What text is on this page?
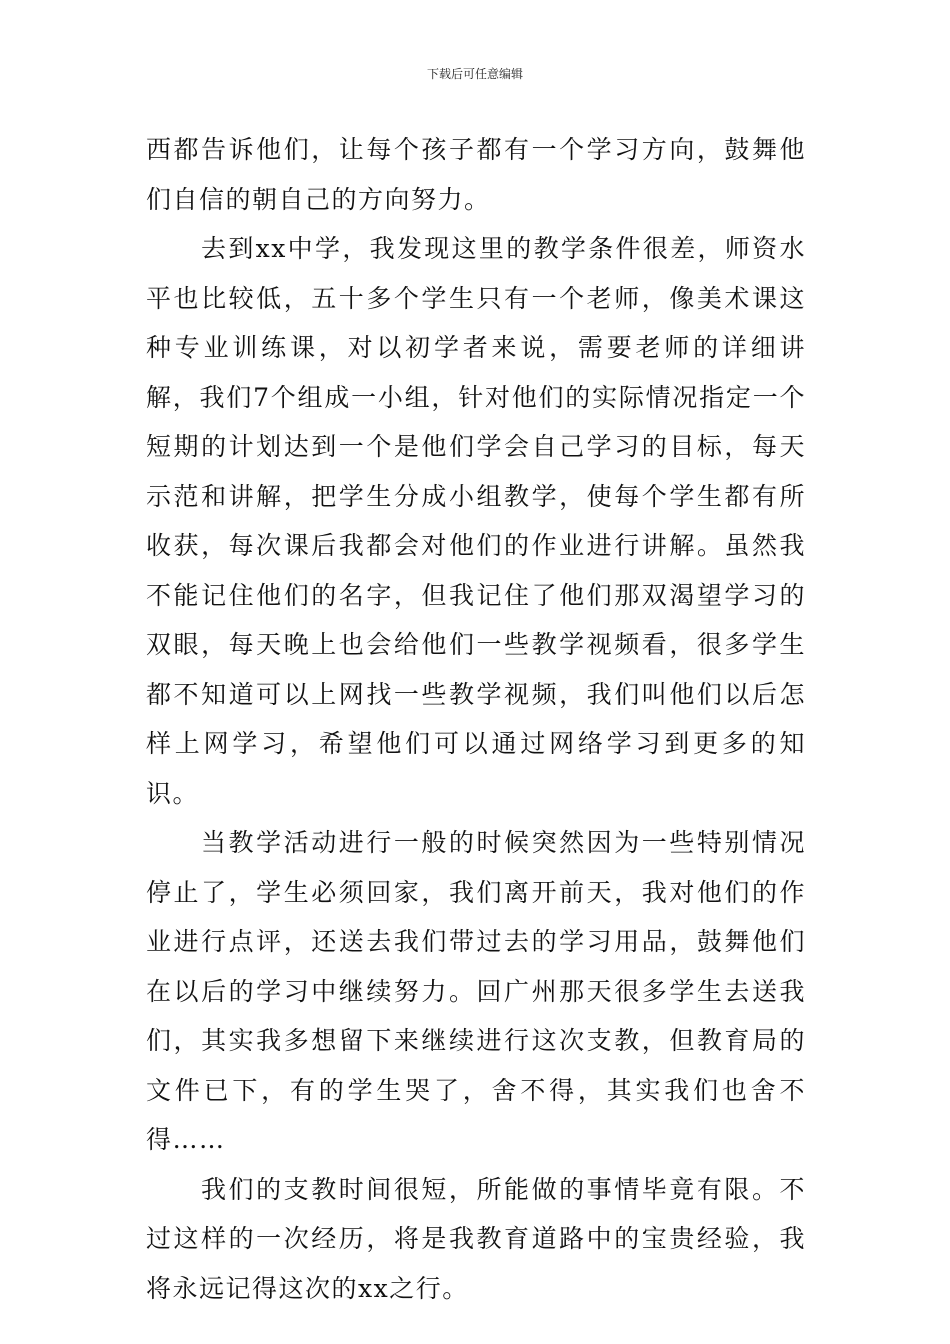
下载后可任意编辑

西都告诉他们，让每个孩子都有一个学习方向，鼓舞他们自信的朝自己的方向努力。

去到xx中学，我发现这里的教学条件很差，师资水平也比较低，五十多个学生只有一个老师，像美术课这种专业训练课，对以初学者来说，需要老师的详细讲解，我们7个组成一小组，针对他们的实际情况指定一个短期的计划达到一个是他们学会自己学习的目标，每天示范和讲解，把学生分成小组教学，使每个学生都有所收获，每次课后我都会对他们的作业进行讲解。虽然我不能记住他们的名字，但我记住了他们那双渴望学习的双眼，每天晚上也会给他们一些教学视频看，很多学生都不知道可以上网找一些教学视频，我们叫他们以后怎样上网学习，希望他们可以通过网络学习到更多的知识。

当教学活动进行一般的时候突然因为一些特别情况停止了，学生必须回家，我们离开前天，我对他们的作业进行点评，还送去我们带过去的学习用品，鼓舞他们在以后的学习中继续努力。回广州那天很多学生去送我们，其实我多想留下来继续进行这次支教，但教育局的文件已下，有的学生哭了，舍不得，其实我们也舍不得……

我们的支教时间很短，所能做的事情毕竟有限。不过这样的一次经历，将是我教育道路中的宝贵经验，我将永远记得这次的xx之行。
